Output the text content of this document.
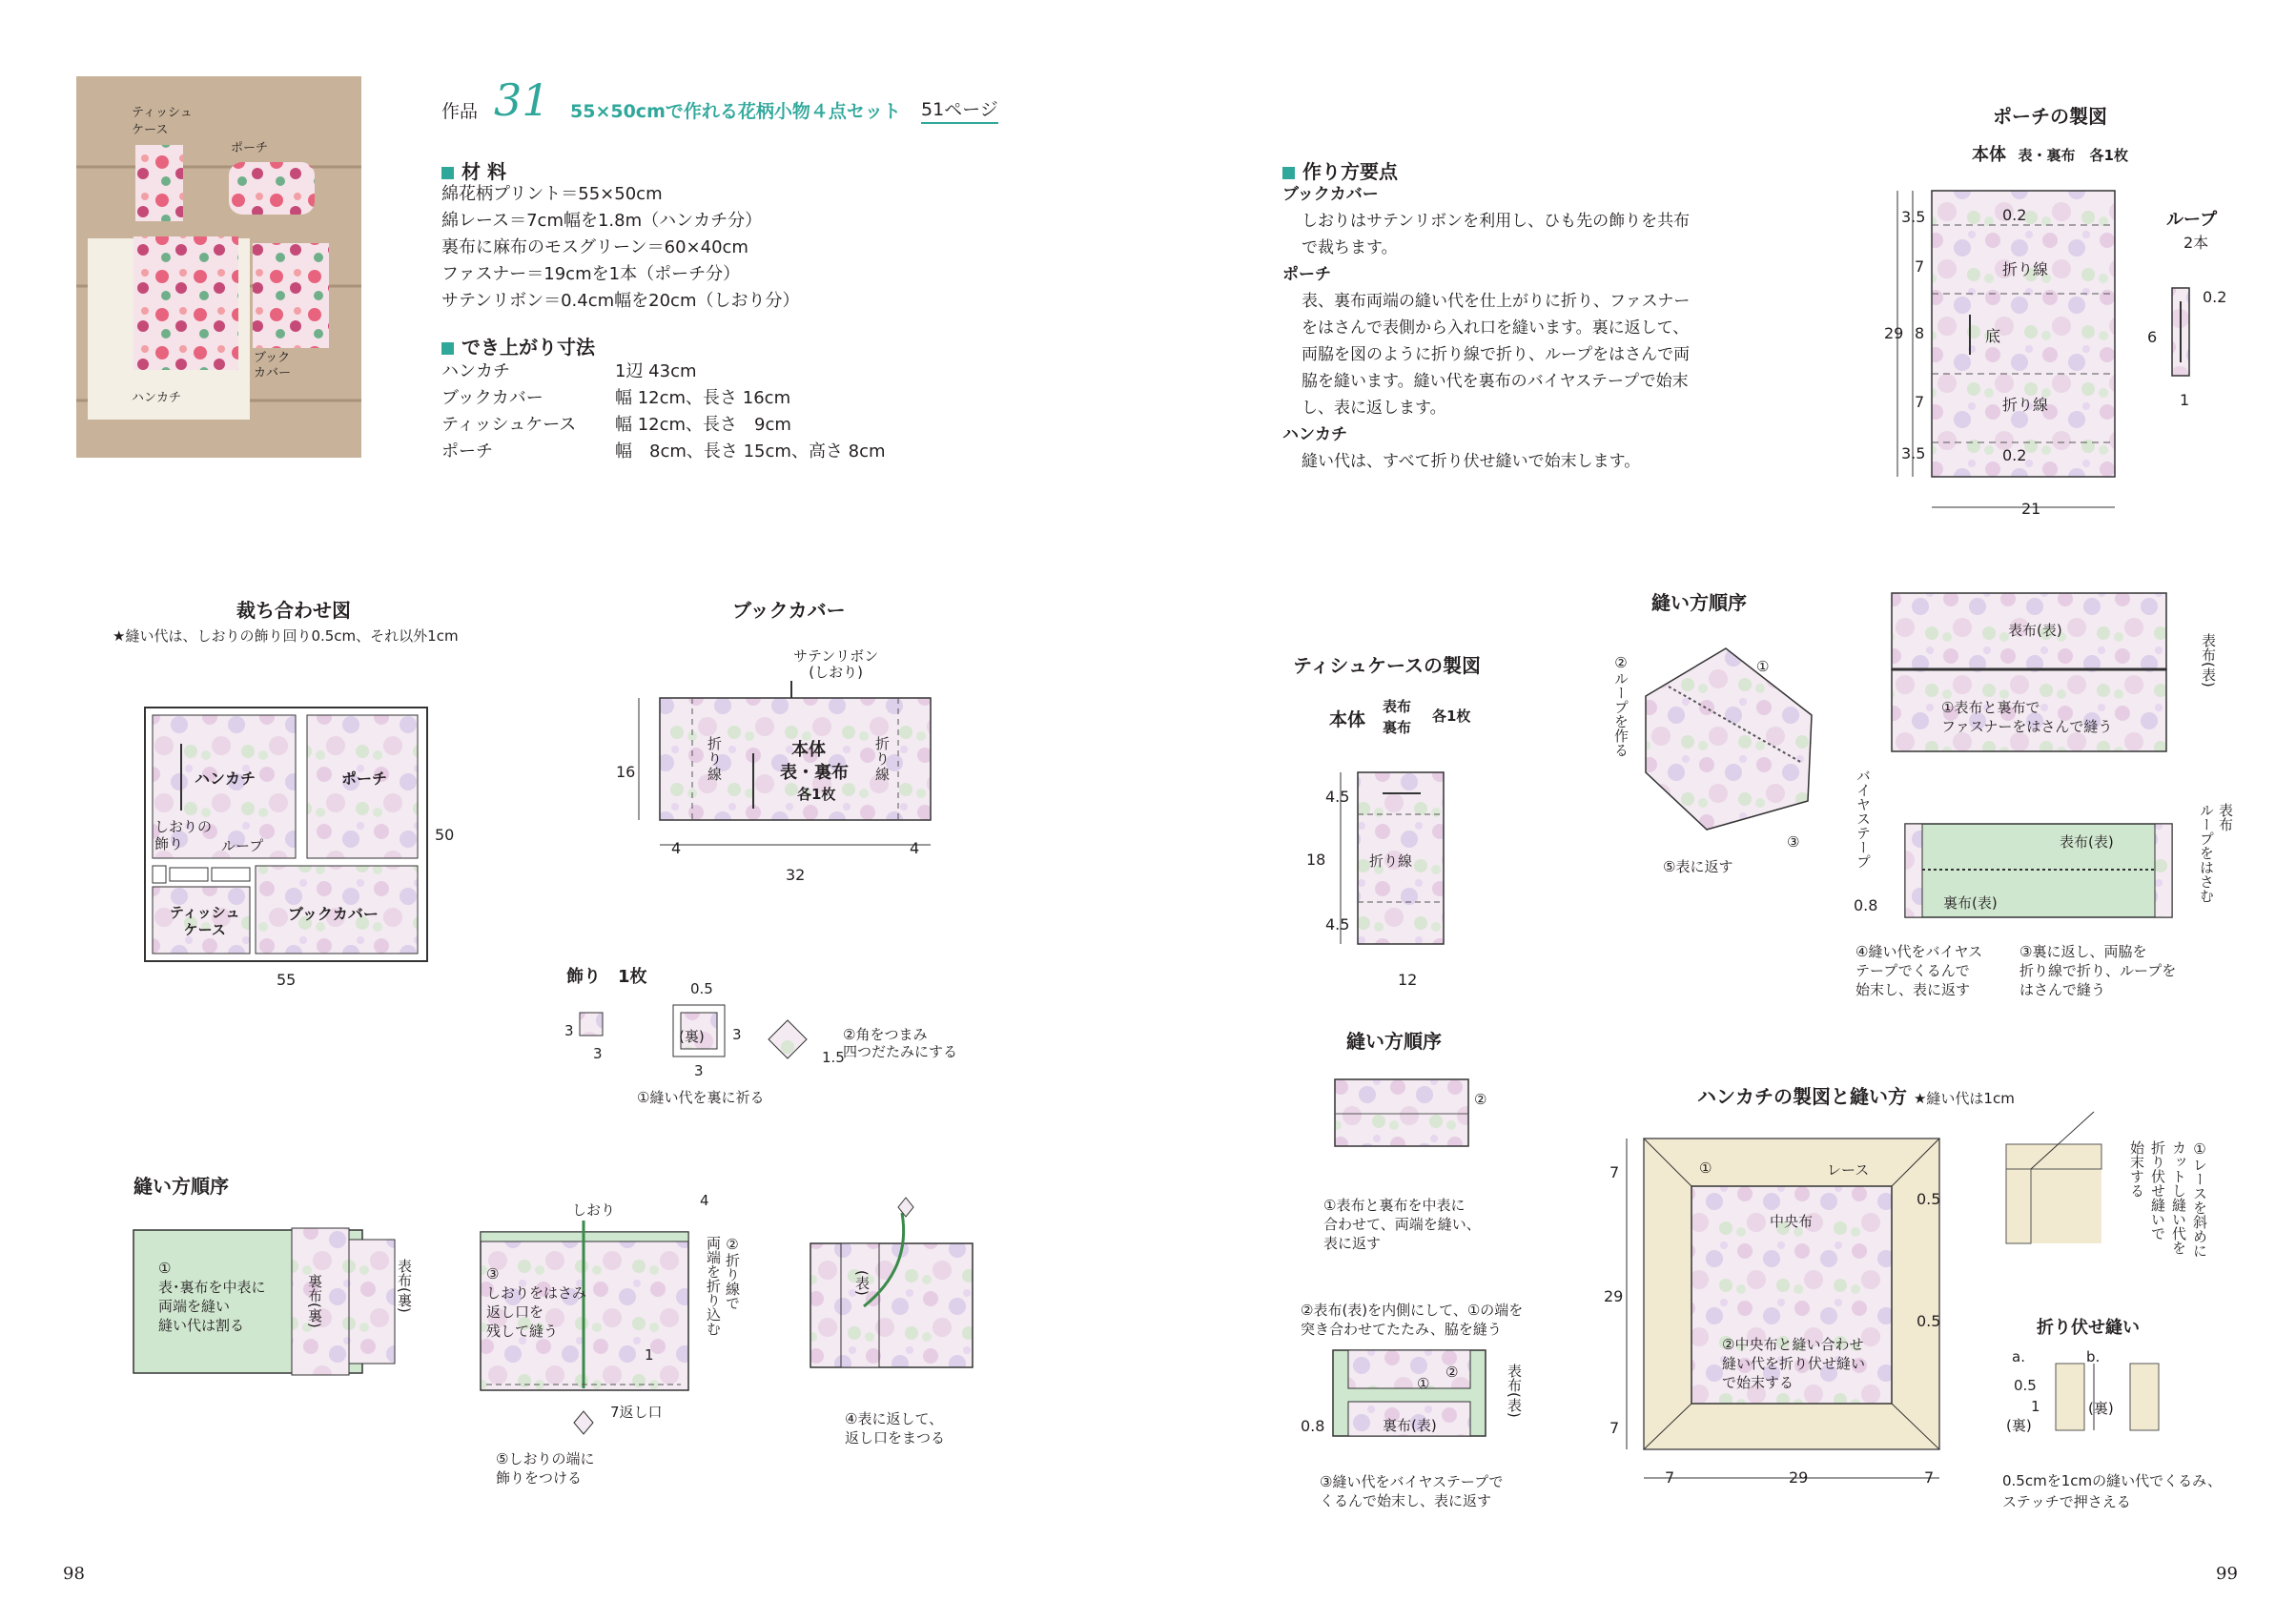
ティッシュ
ケース
ポーチ
ブック
カバー
ハンカチ
作品 31 55×50cmで作れる花柄小物４点セット 51ページ
材 料
綿花柄プリント＝55×50cm
綿レース＝7cm幅を1.8m（ハンカチ分）
裏布に麻布のモスグリーン＝60×40cm
ファスナー＝19cmを1本（ポーチ分）
サテンリボン＝0.4cm幅を20cm（しおり分）
でき上がり寸法
ハンカチ	1辺 43cm
ブックカバー	幅 12cm、長さ 16cm
ティッシュケース 幅 12cm、長さ　9cm
ポーチ	幅　8cm、長さ 15cm、高さ 8cm
作り方要点
ブックカバー
しおりはサテンリボンを利用し、ひも先の飾りを共布
で裁ちます。
ポーチ
表、裏布両端の縫い代を仕上がりに折り、ファスナー
をはさんで表側から入れ口を縫います。裏に返して、
両脇を図のように折り線で折り、ループをはさんで両
脇を縫います。縫い代を裏布のバイヤステープで始末
し、表に返します。
ハンカチ
縫い代は、すべて折り伏せ縫いで始末します。
ポーチの製図
本体 表・裏布　各1枚
折り線
底
折り線
3.5
7
29 8
7
3.5
0.2
0.2
21
ループ
2本
6
0.2
1
裁ち合わせ図
★縫い代は、しおりの飾り回り0.5cm、それ以外1cm
ハンカチ	ポーチ
しおりの
飾り	ループ
ティッシュ
ケース
ブックカバー
50
55
ブックカバー
サテンリボン
(しおり)
折
り
線
折
り
線
本体
表・裏布
各1枚
16
4	4
32
飾り　1枚
3
3
0.5
(裏) 3
3
1.5
②角をつまみ
四つだたみにする
①縫い代を裏に祈る
縫い方順序
①
表･裏布を中表に
両端を縫い
縫い代は割る	裏布(裏)	表布(裏)
しおり
4
②折り線で
両端を折り込む
③
しおりをはさみ
返し口を
残して縫う
1
7返し口
⑤しおりの端に
飾りをつける
(表)
④表に返して、
返し口をまつる
ティシュケースの製図
本体
表布
裏布
各1枚
折り線
4.5
18
4.5
12
縫い方順序
②
①表布と裏布を中表に
合わせて、両端を縫い、
表に返す
②表布(表)を内側にして、①の端を
突き合わせてたたみ、脇を縫う
②
①
裏布(表)
表布(表)
0.8
③縫い代をバイヤステープで
くるんで始末し、表に返す
縫い方順序
②ループを作る	①
③
⑤表に返す
表布(表)
①表布と裏布で
ファスナーをはさんで縫う
表布(表)
表布(表)
裏布(表)
バイヤステープ
0.8
表布
ループをはさむ
④縫い代をバイヤス
テープでくるんで
始末し、表に返す
③裏に返し、両脇を
折り線で折り、ループを
はさんで縫う
ハンカチの製図と縫い方 ★縫い代は1cm
①	レース
中央布
②中央布と縫い合わせ
縫い代を折り伏せ縫い
で始末する
7
29
7
7	29	7
0.5
0.5
①レースを斜めに
カットし縫い代を
折り伏せ縫いで
始末する
折り伏せ縫い
a.	b.
0.5
1
(裏)
(裏)
0.5cmを1cmの縫い代でくるみ、
ステッチで押さえる
98	99
